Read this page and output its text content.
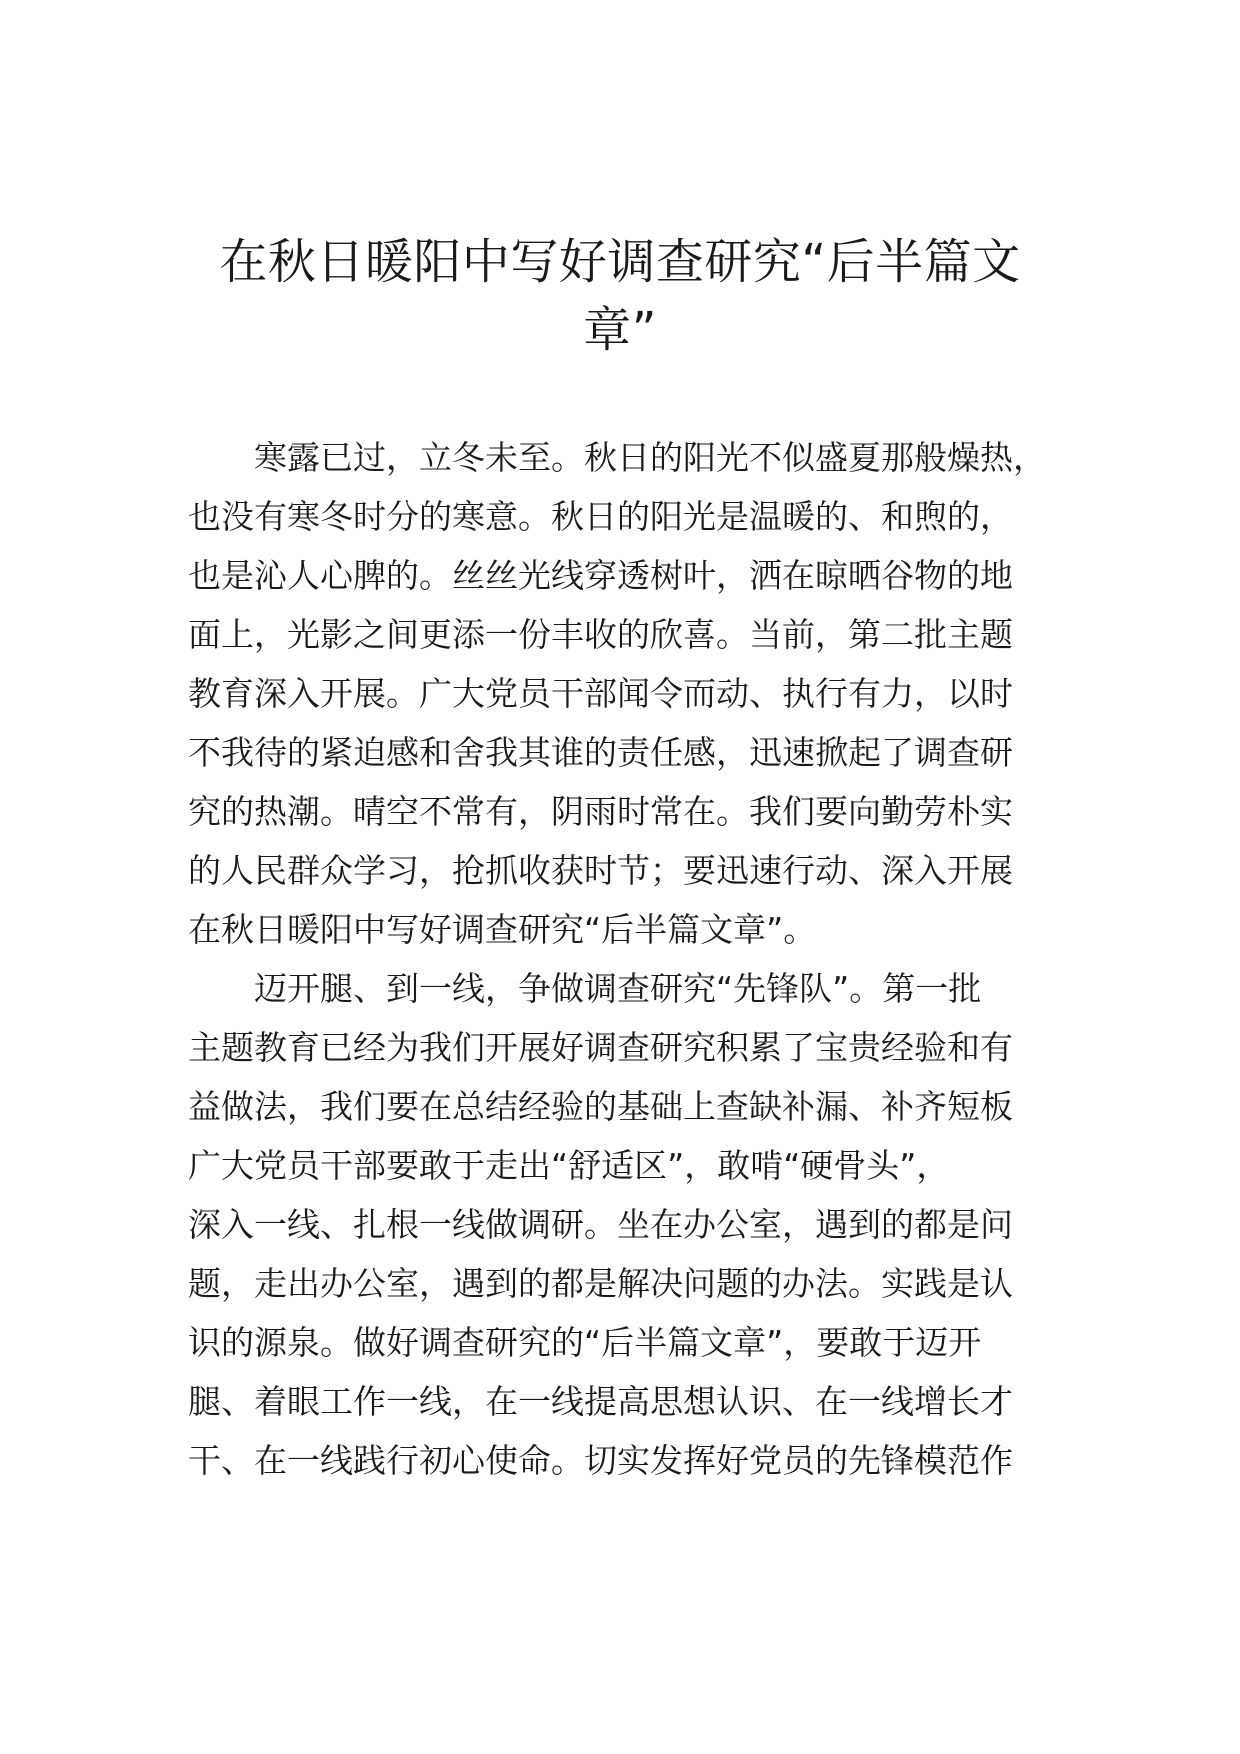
在秋日暖阳中写好调查研究“后半篇文
章”
寒露已过，立冬未至。秋日的阳光不似盛夏那般燥热，
也没有寒冬时分的寒意。秋日的阳光是温暖的、和煦的，
也是沁人心脾的。丝丝光线穿透树叶，洒在晾晒谷物的地
面上，光影之间更添一份丰收的欣喜。当前，第二批主题
教育深入开展。广大党员干部闻令而动、执行有力，以时
不我待的紧迫感和舍我其谁的责任感，迅速掀起了调查研
究的热潮。晴空不常有，阴雨时常在。我们要向勤劳朴实
的人民群众学习，抢抓收获时节；要迅速行动、深入开展
在秋日暖阳中写好调查研究“后半篇文章”。
迈开腿、到一线，争做调查研究“先锋队”。第一批
主题教育已经为我们开展好调查研究积累了宝贵经验和有
益做法，我们要在总结经验的基础上查缺补漏、补齐短板
广大党员干部要敢于走出“舒适区”，敢啃“硬骨头”，
深入一线、扎根一线做调研。坐在办公室，遇到的都是问
题，走出办公室，遇到的都是解决问题的办法。实践是认
识的源泉。做好调查研究的“后半篇文章”，要敢于迈开
腿、着眼工作一线，在一线提高思想认识、在一线增长才
干、在一线践行初心使命。切实发挥好党员的先锋模范作
